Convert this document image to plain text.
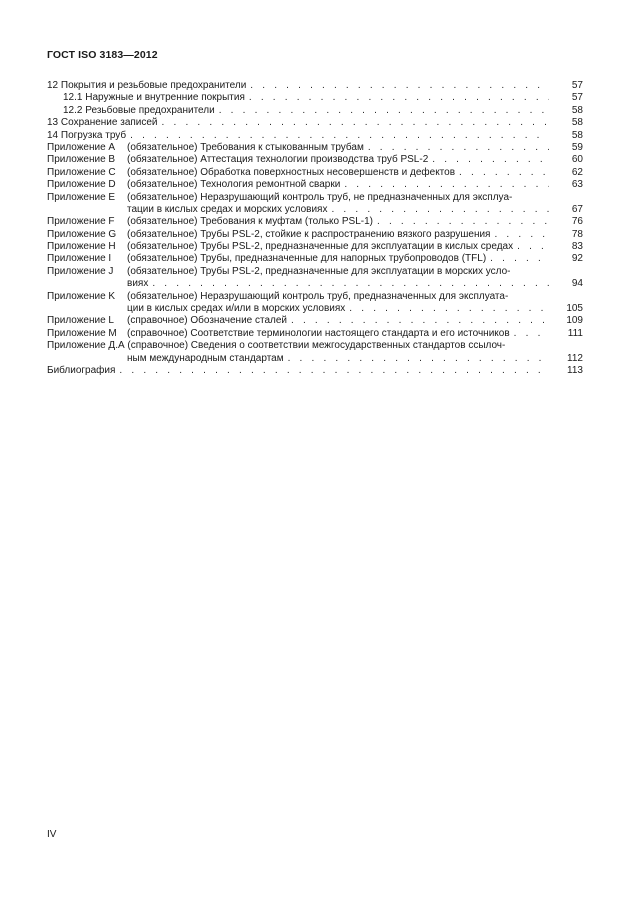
ГОСТ ISO 3183—2012
12 Покрытия и резьбовые предохранители . . .	57
12.1 Наружные и внутренние покрытия . . .	57
12.2 Резьбовые предохранители . . .	58
13 Сохранение записей . . .	58
14 Погрузка труб . . .	58
Приложение A	(обязательное) Требования к стыкованным трубам . . .	59
Приложение B	(обязательное) Аттестация технологии производства труб PSL-2 . . .	60
Приложение C	(обязательное) Обработка поверхностных несовершенств и дефектов . . .	62
Приложение D	(обязательное) Технология ремонтной сварки . . .	63
Приложение E	(обязательное) Неразрушающий контроль труб, не предназначенных для эксплуа-
тации в кислых средах и морских условиях . . .	67
Приложение F	(обязательное) Требования к муфтам (только PSL-1) . . .	76
Приложение G	(обязательное) Трубы PSL-2, стойкие к распространению вязкого разрушения . . .	78
Приложение H	(обязательное) Трубы PSL-2, предназначенные для эксплуатации в кислых средах . . .	83
Приложение I	(обязательное) Трубы, предназначенные для напорных трубопроводов (TFL) . . .	92
Приложение J	(обязательное) Трубы PSL-2, предназначенные для эксплуатации в морских усло-
виях . . .	94
Приложение K	(обязательное) Неразрушающий контроль труб, предназначенных для эксплуата-
ции в кислых средах и/или в морских условиях . . .	105
Приложение L	(справочное) Обозначение сталей . . .	109
Приложение M	(справочное) Соответствие терминологии настоящего стандарта и его источников . . .	111
Приложение Д.А (справочное) Сведения о соответствии межгосударственных стандартов ссылоч-
ным международным стандартам . . .	112
Библиография . . .	113
IV
